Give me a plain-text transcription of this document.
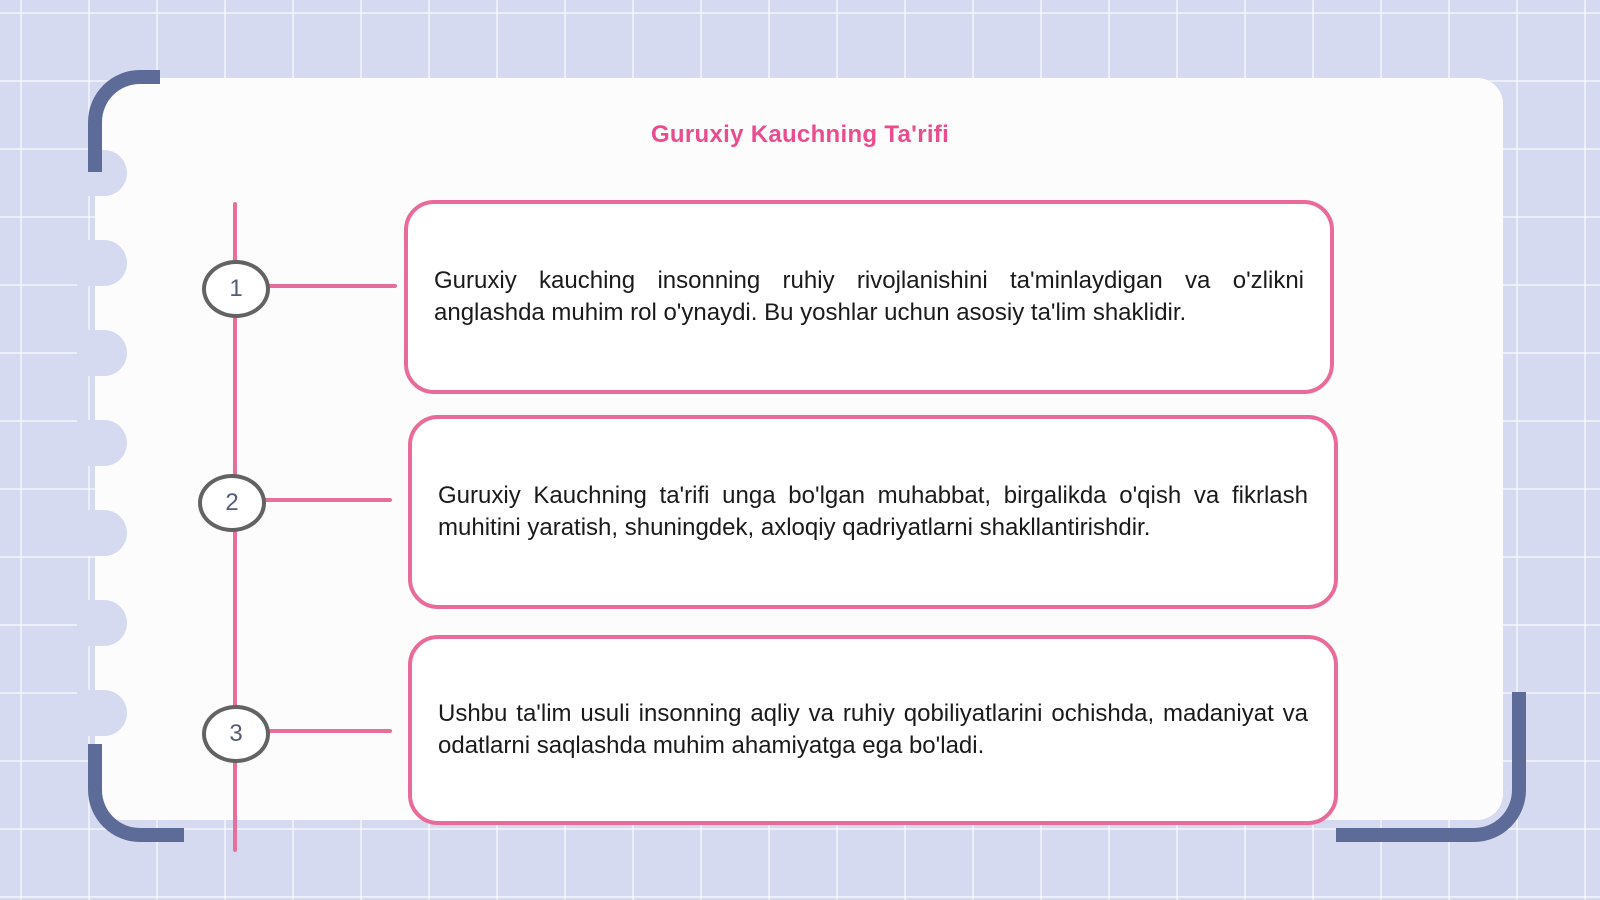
Guruxiy Kauchning Ta'rifi
1	Guruxiy kauching insonning ruhiy rivojlanishini ta'minlaydigan va o'zlikni anglashda muhim rol o'ynaydi. Bu yoshlar uchun asosiy ta'lim shaklidir.

2	Guruxiy Kauchning ta'rifi unga bo'lgan muhabbat, birgalikda o'qish va fikrlash muhitini yaratish, shuningdek, axloqiy qadriyatlarni shakllantirishdir.

3

Ushbu ta'lim usuli insonning aqliy va ruhiy qobiliyatlarini ochishda, madaniyat va odatlarni saqlashda muhim ahamiyatga ega bo'ladi.
